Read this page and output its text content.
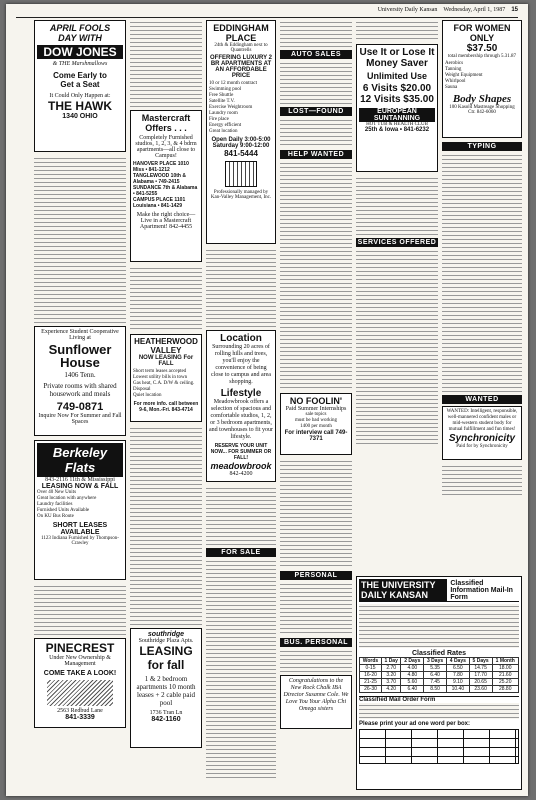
University Daily Kansan Wednesday, April 1, 1987 15
APRIL FOOLS
DAY WITH
DOW JONES
& THE Marshmallows
Come Early to
Get a Seat
It Could Only Happen at:
THE HAWK
1340 OHIO
Experience Student Cooperative Living at
Sunflower House
1406 Tenn.
Private rooms with shared housework and meals
749-0871
Inquire Now For Summer and Fall Spaces
Berkeley Flats
843-2116 11th & Mississippi
LEASING NOW & FALL
Over 40 New Units
Great location with anywhere
Laundry facilities
Furnished Units Available
On KU Bus Route
SHORT LEASES AVAILABLE
1123 Indiana Furnished by Thompson-Crawley
PINECREST
Under New Ownership & Management
COME TAKE A LOOK!
2563 Redbud Lane
841-3339
Mastercraft
Offers . . .
Completely Furnished studios, 1, 2, 3, & 4 bdrm apartments—all close to Campus!
HANOVER PLACE 1010 Miss • 841-1212
TANGLEWOOD 10th & Alabama • 749-2415
SUNDANCE 7th & Alabama • 841-5255
CAMPUS PLACE 1101 Louisiana • 841-1429
Make the right choice—Live in a Mastercraft Apartment! 842-4455
HEATHERWOOD VALLEY
NOW LEASING For FALL
Short term leases accepted
Lowest utility bills in town
Gas heat, C.A. D/W & ceiling. Disposal
Quiet location
For more info. call between 9-6, Mon.-Fri. 843-4714
southridge
Southridge Plaza Apts.
LEASING for fall
1 & 2 bedroom apartments 10 month leases + 2 cable paid pool
1736 Tran Ln
842-1160
EDDINGHAM PLACE
24th & Eddingham next to Quantrells
OFFERING LUXURY 2 BR APARTMENTS AT AN AFFORDABLE PRICE
10 or 12 month contract
Swimming pool
Free Shuttle
Satellite T.V.
Exercise Weightroom
Laundry room
Fire place
Energy efficient
Great location
Open Daily 3:00-5:00 Saturday 9:00-12:00
841-5444
Professionally managed by Kan-Valley Management, Inc.
Location
Surrounding 20 acres of rolling hills and trees, you'll enjoy the convenience of being close to campus and area shopping.
Lifestyle
Meadowbrook offers a selection of spacious and comfortable studios, 1, 2, or 3 bedroom apartments, and townhouses to fit your lifestyle.
RESERVE YOUR UNIT NOW... FOR SUMMER OR FALL!
meadowbrook
842-4200
FOR SALE
AUTO SALES
LOST—FOUND
HELP WANTED
NO FOOLIN'
Paid Summer Internships
sale topics
must be bad working
1400 per month
For interview call 749-7371
PERSONAL
BUS. PERSONAL
Congratulations to the New Rock Chalk IBA Director Susanne Cole. We Love You Your Alpha Chi Omega sisters
Use It or Lose It
Money Saver
Unlimited Use
6 Visits $20.00
12 Visits $35.00
EUROPEAN SUNTANNING
HOT TUB & HEALTH CLUB
25th & Iowa • 841-6232
SERVICES OFFERED
FOR WOMEN ONLY
$37.50
total membership through 5.31.87
Aerobics
Tanning
Weight Equipment
Whirlpool
Sauna
Body Shapes
100 Kasold Mastreage Shopping Ctr. 842-6060
TYPING
WANTED
WANTED: Intelligent, responsible, well-mannered confident males or mid-western student body for mutual fulfillment and fun times!
Synchronicity
Paid for by Synchronicity
THE UNIVERSITY DAILY KANSAN
Classified Information Mail-In Form
Classified Rates
Words	1 Day	2 Days	3 Days	4 Days	5 Days	1 Month
0-15	2.70	4.00	5.35	6.50	14.75	18.00
16-20	3.20	4.80	6.40	7.80	17.70	21.60
21-25	3.70	5.60	7.45	9.10	20.65	25.20
26-30	4.20	6.40	8.50	10.40	23.60	28.80
Classified Mail Order Form
Please print your ad one word per box:
